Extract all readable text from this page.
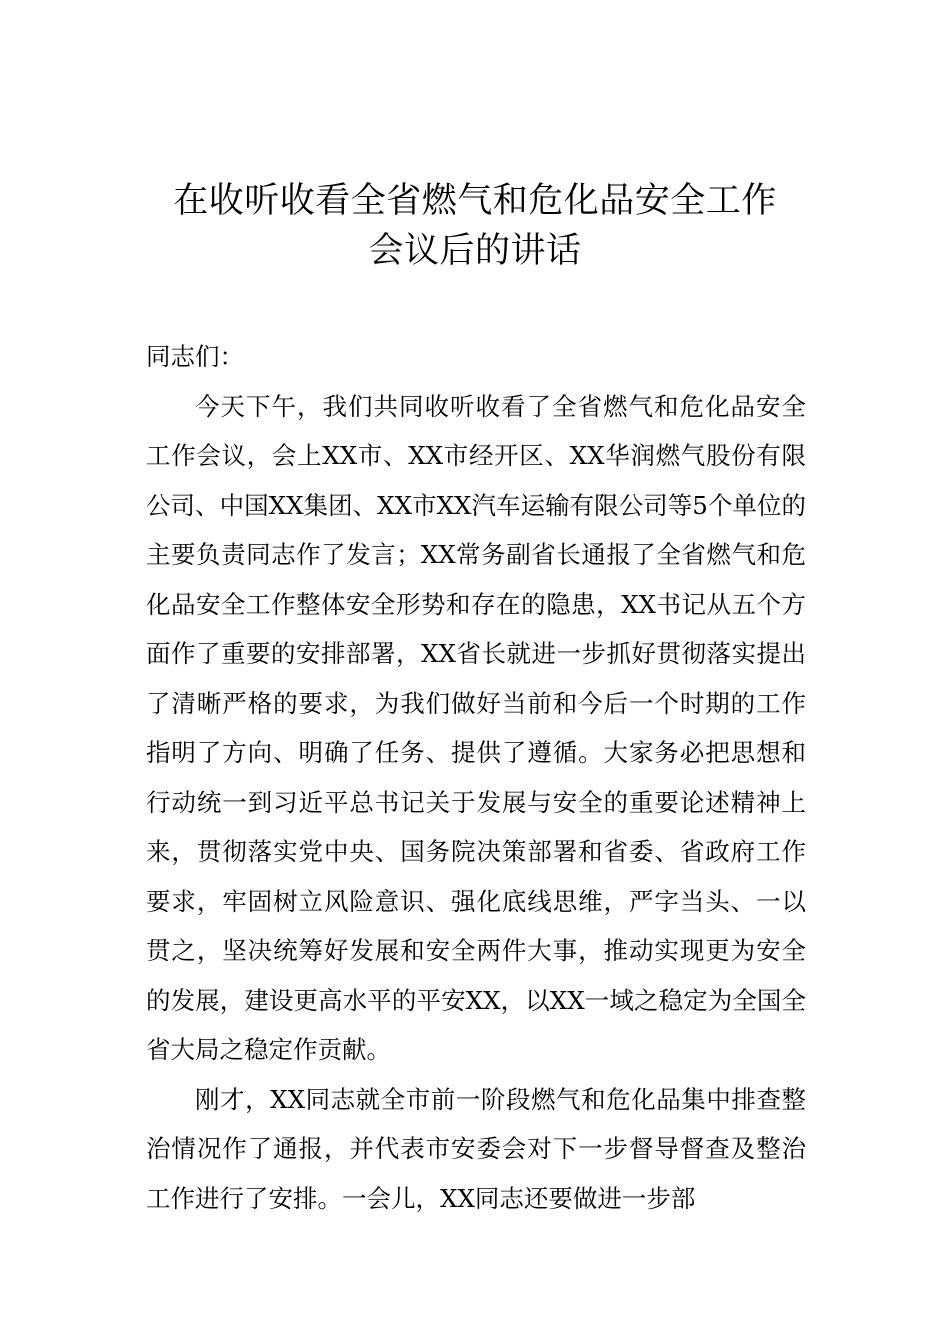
在收听收看全省燃气和危化品安全工作
会议后的讲话

同志们：

今天下午，我们共同收听收看了全省燃气和危化品安全工作会议，会上XX市、XX市经开区、XX华润燃气股份有限公司、中国XX集团、XX市XX汽车运输有限公司等5个单位的主要负责同志作了发言；XX常务副省长通报了全省燃气和危化品安全工作整体安全形势和存在的隐患，XX书记从五个方面作了重要的安排部署，XX省长就进一步抓好贯彻落实提出了清晰严格的要求，为我们做好当前和今后一个时期的工作指明了方向、明确了任务、提供了遵循。大家务必把思想和行动统一到习近平总书记关于发展与安全的重要论述精神上来，贯彻落实党中央、国务院决策部署和省委、省政府工作要求，牢固树立风险意识、强化底线思维，严字当头、一以贯之，坚决统筹好发展和安全两件大事，推动实现更为安全的发展，建设更高水平的平安XX，以XX一域之稳定为全国全省大局之稳定作贡献。

刚才，XX同志就全市前一阶段燃气和危化品集中排查整治情况作了通报，并代表市安委会对下一步督导督查及整治工作进行了安排。一会儿，XX同志还要做进一步部
